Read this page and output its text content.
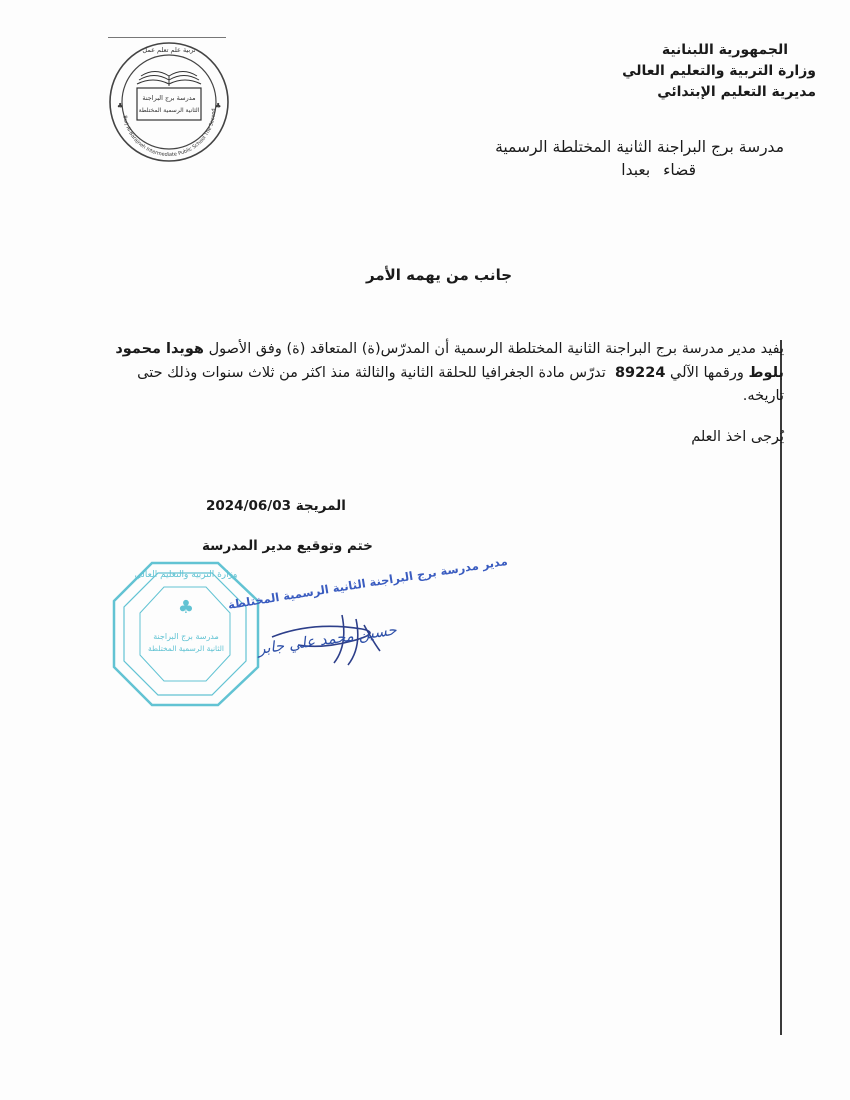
الجمهورية اللبنانية
وزارة التربية والتعليم العالي
مديرية التعليم الإبتدائي
تربية علم تعلم عمل
مدرسة برج البراجنة
الثانية الرسمية المختلطة
Burj Al-Barajneh Intermediate Public School The Second
♣	♣
مدرسة برج البراجنة الثانية المختلطة الرسمية
قضاء بعبدا
جانب من يهمه الأمر
يفيد مدير مدرسة برج البراجنة الثانية المختلطة الرسمية أن المدرّس(ة) المتعاقد (ة) وفق الأصول هويدا محمود بلوط ورقمها الآلي 89224  تدرّس مادة الجغرافيا للحلقة الثانية والثالثة منذ اكثر من ثلاث سنوات وذلك حتى تاريخه.
يُرجى اخذ العلم
المريجة 2024/06/03
ختم وتوقيع مدير المدرسة
وزارة التربية والتعليم العالي
♣
مدرسة برج البراجنة
الثانية الرسمية المختلطة
مدير مدرسة برج البراجنة الثانية الرسمية المختلطة
حسين محمد علي جابر
